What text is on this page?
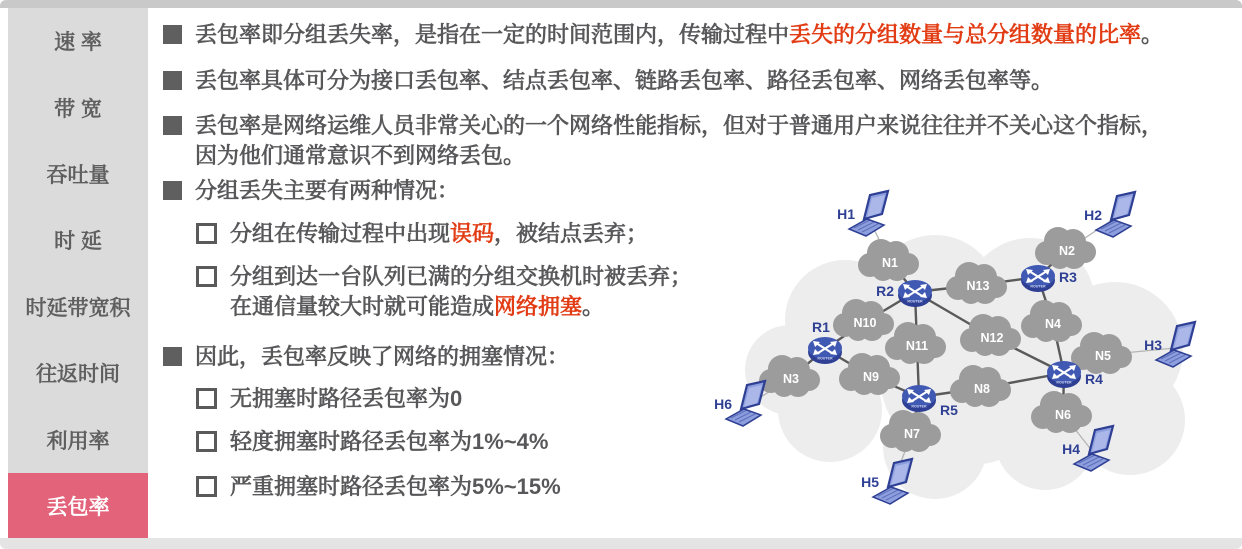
速 率
带 宽
吞吐量
时 延
时延带宽积
往返时间
利用率
丢包率

丢包率即分组丢失率，是指在一定的时间范围内，传输过程中丢失的分组数量与总分组数量的比率。

丢包率具体可分为接口丢包率、结点丢包率、链路丢包率、路径丢包率、网络丢包率等。

丢包率是网络运维人员非常关心的一个网络性能指标，但对于普通用户来说往往并不关心这个指标，
因为他们通常意识不到网络丢包。

分组丢失主要有两种情况：

分组在传输过程中出现误码，被结点丢弃；

分组到达一台队列已满的分组交换机时被丢弃；
在通信量较大时就可能造成网络拥塞。

因此，丢包率反映了网络的拥塞情况：

无拥塞时路径丢包率为0

轻度拥塞时路径丢包率为1%~4%

严重拥塞时路径丢包率为5%~15%

N1
N2
N3
N4
N5
N6
N7
N8
N9
N10
N11
N12
N13
ROUTER
R1
ROUTER
R2	ROUTER
R3
ROUTER R4
ROUTER R5
H1	H2
H3
H4
H5
H6
